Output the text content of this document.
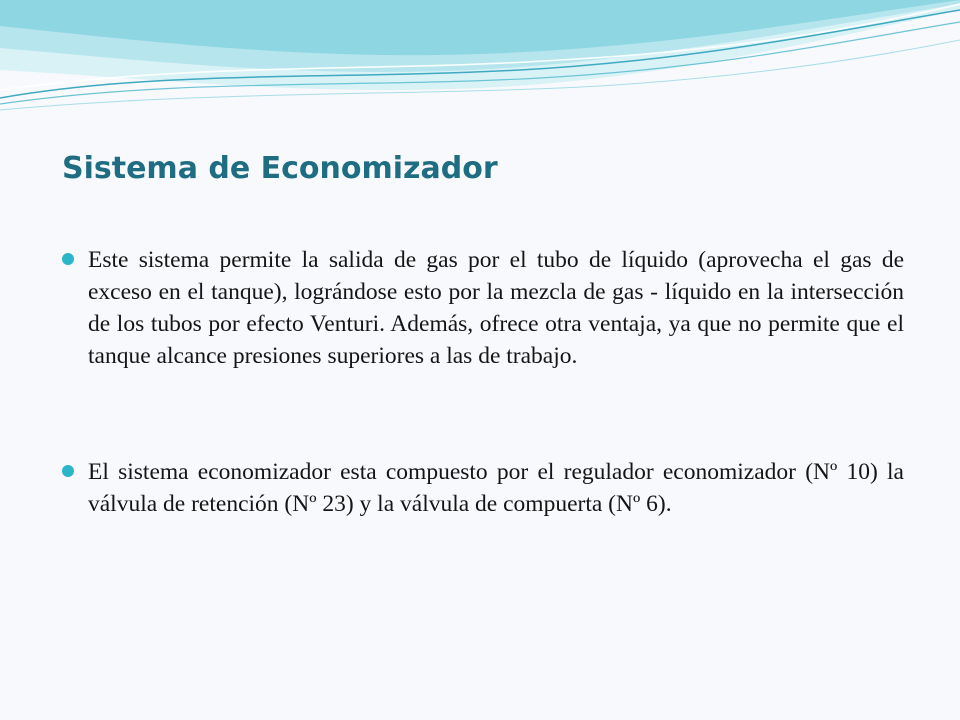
Sistema de Economizador
Este sistema permite la salida de gas por el tubo de líquido (aprovecha el gas de exceso en el tanque), lográndose esto por la mezcla de gas - líquido en la intersección de los tubos por efecto Venturi. Además, ofrece otra ventaja, ya que no permite que el tanque alcance presiones superiores a las de trabajo.
El sistema economizador esta compuesto por el regulador economizador (Nº 10) la válvula de retención (Nº 23) y la válvula de compuerta (Nº 6).
